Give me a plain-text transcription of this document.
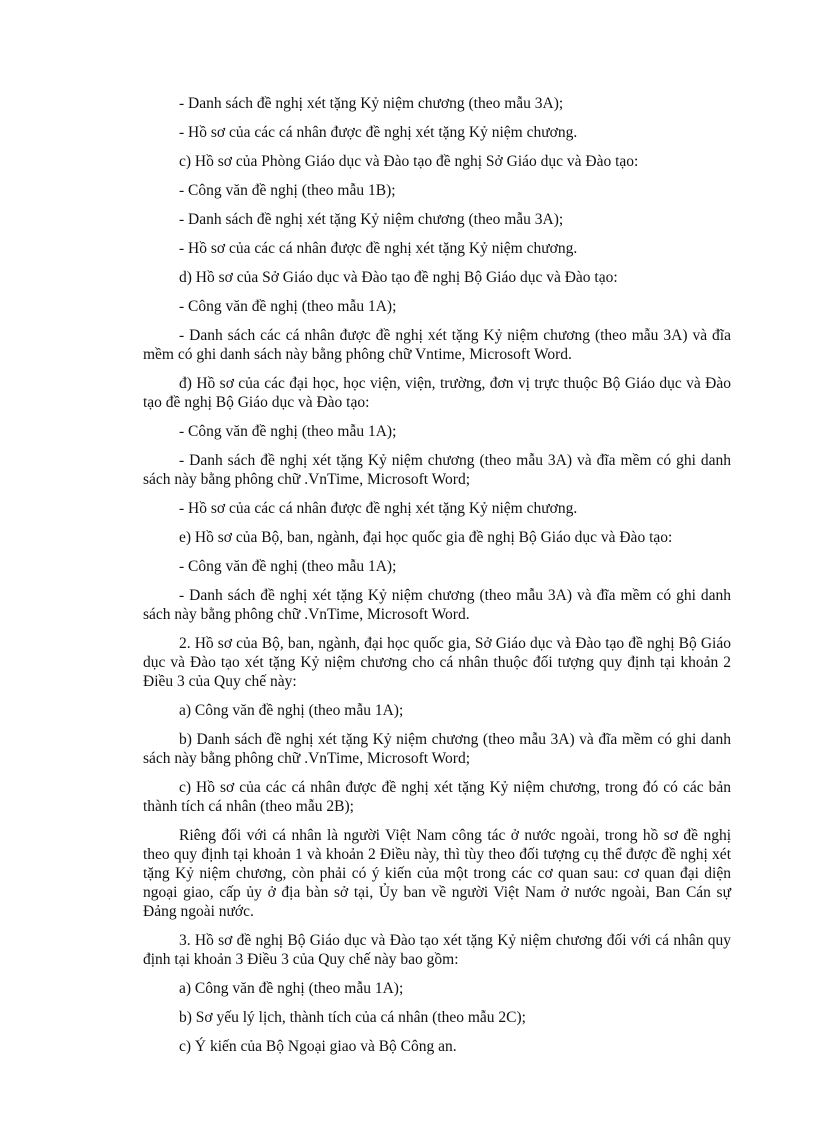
- Danh sách đề nghị xét tặng Kỷ niệm chương (theo mẫu 3A);

- Hồ sơ của các cá nhân được đề nghị xét tặng Kỷ niệm chương.

c) Hồ sơ của Phòng Giáo dục và Đào tạo đề nghị Sở Giáo dục và Đào tạo:

- Công văn đề nghị (theo mẫu 1B);

- Danh sách đề nghị xét tặng Kỷ niệm chương (theo mẫu 3A);

- Hồ sơ của các cá nhân được đề nghị xét tặng Kỷ niệm chương.

d) Hồ sơ của Sở Giáo dục và Đào tạo đề nghị Bộ Giáo dục và Đào tạo:

- Công văn đề nghị (theo mẫu 1A);

- Danh sách các cá nhân được đề nghị xét tặng Kỷ niệm chương (theo mẫu 3A) và đĩa mềm có ghi danh sách này bằng phông chữ Vntime, Microsoft Word.

đ) Hồ sơ của các đại học, học viện, viện, trường, đơn vị trực thuộc Bộ Giáo dục và Đào tạo đề nghị Bộ Giáo dục và Đào tạo:

- Công văn đề nghị (theo mẫu 1A);

- Danh sách đề nghị xét tặng Kỷ niệm chương (theo mẫu 3A) và đĩa mềm có ghi danh sách này bằng phông chữ .VnTime, Microsoft Word;

- Hồ sơ của các cá nhân được đề nghị xét tặng Kỷ niệm chương.

e) Hồ sơ của Bộ, ban, ngành, đại học quốc gia đề nghị Bộ Giáo dục và Đào tạo:

- Công văn đề nghị (theo mẫu 1A);

- Danh sách đề nghị xét tặng Kỷ niệm chương (theo mẫu 3A) và đĩa mềm có ghi danh sách này bằng phông chữ .VnTime, Microsoft Word.

2. Hồ sơ của Bộ, ban, ngành, đại học quốc gia, Sở Giáo dục và Đào tạo đề nghị Bộ Giáo dục và Đào tạo xét tặng Kỷ niệm chương cho cá nhân thuộc đối tượng quy định tại khoản 2 Điều 3 của Quy chế này:

a) Công văn đề nghị (theo mẫu 1A);

b) Danh sách đề nghị xét tặng Kỷ niệm chương (theo mẫu 3A) và đĩa mềm có ghi danh sách này bằng phông chữ .VnTime, Microsoft Word;

c) Hồ sơ của các cá nhân được đề nghị xét tặng Kỷ niệm chương, trong đó có các bản thành tích cá nhân (theo mẫu 2B);

Riêng đối với cá nhân là người Việt Nam công tác ở nước ngoài, trong hồ sơ đề nghị theo quy định tại khoản 1 và khoản 2 Điều này, thì tùy theo đối tượng cụ thể được đề nghị xét tặng Kỷ niệm chương, còn phải có ý kiến của một trong các cơ quan sau: cơ quan đại diện ngoại giao, cấp ủy ở địa bàn sở tại, Ủy ban về người Việt Nam ở nước ngoài, Ban Cán sự Đảng ngoài nước.

3. Hồ sơ đề nghị Bộ Giáo dục và Đào tạo xét tặng Kỷ niệm chương đối với cá nhân quy định tại khoản 3 Điều 3 của Quy chế này bao gồm:

a) Công văn đề nghị (theo mẫu 1A);

b) Sơ yếu lý lịch, thành tích của cá nhân (theo mẫu 2C);

c) Ý kiến của Bộ Ngoại giao và Bộ Công an.
